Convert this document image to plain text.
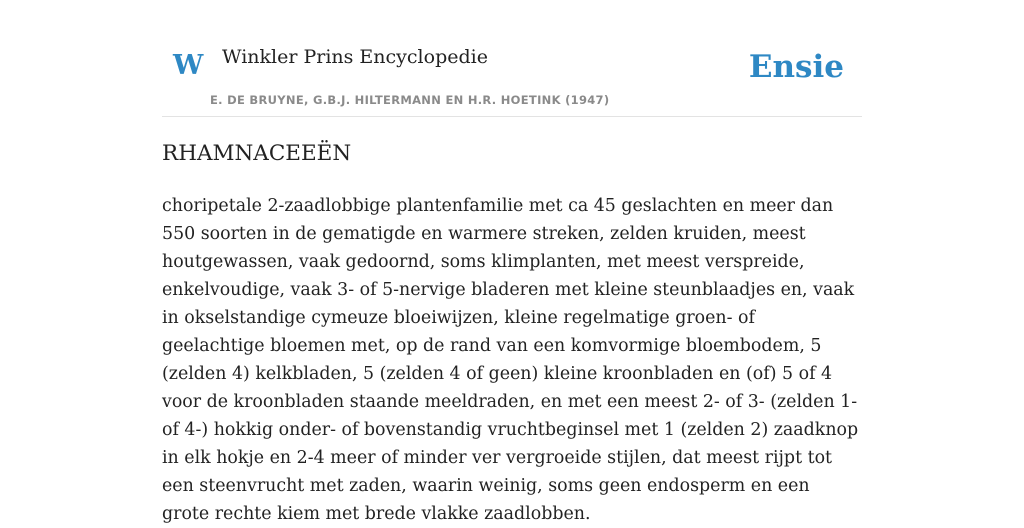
W Winkler Prins Encyclopedie
E. DE BRUYNE, G.B.J. HILTERMANN EN H.R. HOETINK (1947)
Ensie
RHAMNACEEËN

choripetale 2-zaadlobbige plantenfamilie met ca 45 geslachten en meer dan 550 soorten in de gematigde en warmere streken, zelden kruiden, meest houtgewassen, vaak gedoornd, soms klimplanten, met meest verspreide, enkelvoudige, vaak 3- of 5-nervige bladeren met kleine steunblaadjes en, vaak in okselstandige cymeuze bloeiwijzen, kleine regelmatige groen- of geelachtige bloemen met, op de rand van een komvormige bloembodem, 5 (zelden 4) kelkbladen, 5 (zelden 4 of geen) kleine kroonbladen en (of) 5 of 4 voor de kroonbladen staande meeldraden, en met een meest 2- of 3- (zelden 1- of 4-) hokkig onder- of bovenstandig vruchtbeginsel met 1 (zelden 2) zaadknop in elk hokje en 2-4 meer of minder ver vergroeide stijlen, dat meest rijpt tot een steenvrucht met zaden, waarin weinig, soms geen endosperm en een grote rechte kiem met brede vlakke zaadlobben.
